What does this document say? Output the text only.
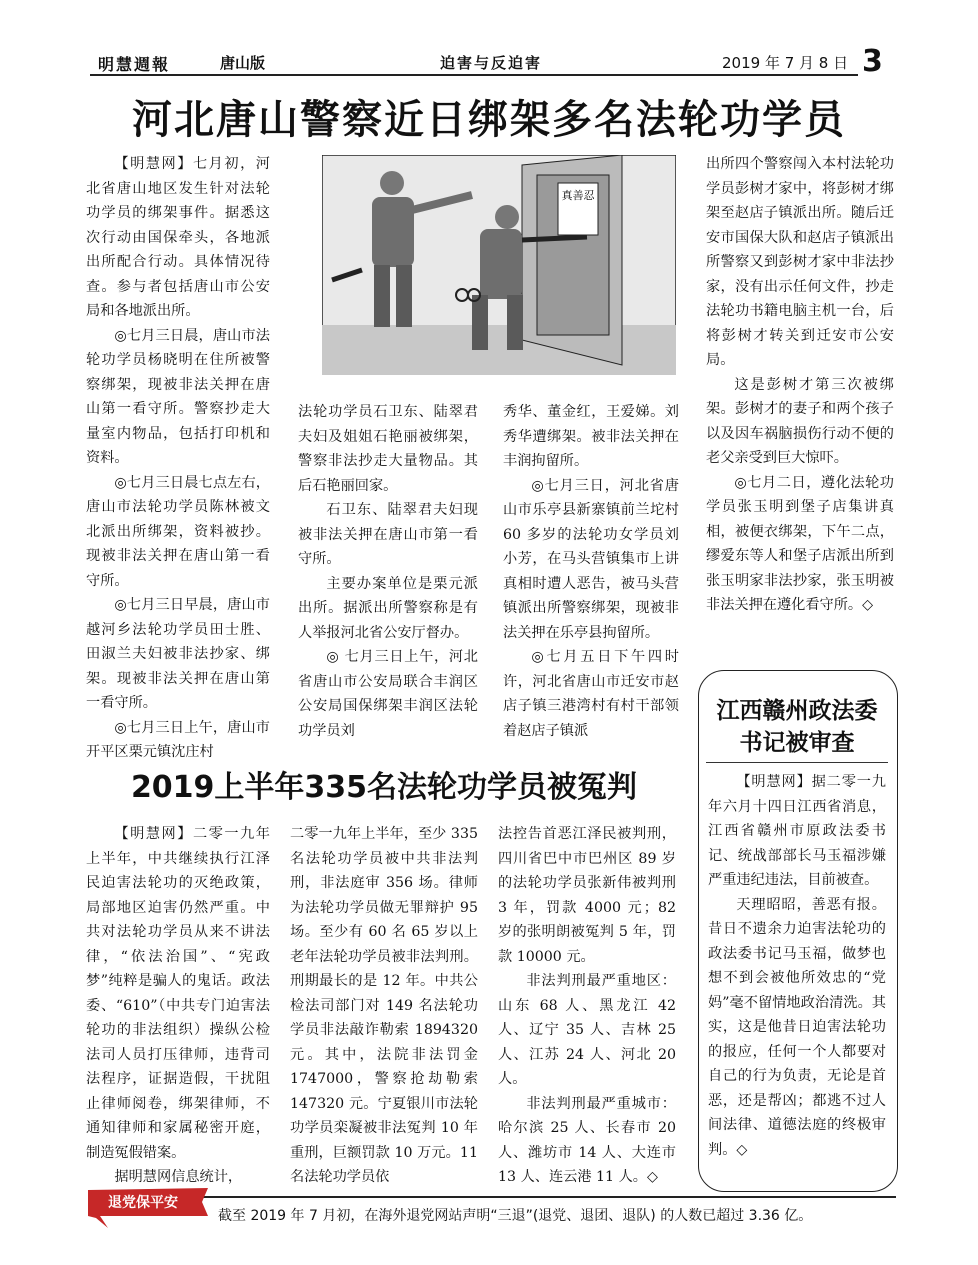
明慧週報	唐山版	迫害与反迫害	2019 年 7 月 8 日 3
河北唐山警察近日绑架多名法轮功学员
真善忍

【明慧网】七月初，河北省唐山地区发生针对法轮功学员的绑架事件。据悉这次行动由国保牵头，各地派出所配合行动。具体情况待查。参与者包括唐山市公安局和各地派出所。

◎七月三日晨，唐山市法轮功学员杨晓明在住所被警察绑架，现被非法关押在唐山第一看守所。警察抄走大量室内物品，包括打印机和资料。

◎七月三日晨七点左右，唐山市法轮功学员陈林被文北派出所绑架，资料被抄。现被非法关押在唐山第一看守所。

◎七月三日早晨，唐山市越河乡法轮功学员田士胜、田淑兰夫妇被非法抄家、绑架。现被非法关押在唐山第一看守所。

◎七月三日上午，唐山市开平区栗元镇沈庄村

法轮功学员石卫东、陆翠君夫妇及姐姐石艳丽被绑架，警察非法抄走大量物品。其后石艳丽回家。

石卫东、陆翠君夫妇现被非法关押在唐山市第一看守所。

主要办案单位是栗元派出所。据派出所警察称是有人举报河北省公安厅督办。

◎ 七月三日上午，河北省唐山市公安局联合丰润区公安局国保绑架丰润区法轮功学员刘

秀华、董金红，王爱娣。刘秀华遭绑架。被非法关押在丰润拘留所。

◎七月三日，河北省唐山市乐亭县新寨镇前兰坨村 60 多岁的法轮功女学员刘小芳，在马头营镇集市上讲真相时遭人恶告，被马头营镇派出所警察绑架，现被非法关押在乐亭县拘留所。

◎七月五日下午四时许，河北省唐山市迁安市赵店子镇三港湾村有村干部领着赵店子镇派

出所四个警察闯入本村法轮功学员彭树才家中，将彭树才绑架至赵店子镇派出所。随后迁安市国保大队和赵店子镇派出所警察又到彭树才家中非法抄家，没有出示任何文件，抄走法轮功书籍电脑主机一台，后将彭树才转关到迁安市公安局。

这是彭树才第三次被绑架。彭树才的妻子和两个孩子以及因车祸脑损伤行动不便的老父亲受到巨大惊吓。

◎七月二日，遵化法轮功学员张玉明到堡子店集讲真相，被便衣绑架，下午二点，缪爱东等人和堡子店派出所到张玉明家非法抄家，张玉明被非法关押在遵化看守所。◇

江西赣州政法委
书记被审查

【明慧网】据二零一九年六月十四日江西省消息，江西省赣州市原政法委书记、统战部部长马玉福涉嫌严重违纪违法，目前被查。

天理昭昭，善恶有报。昔日不遗余力迫害法轮功的政法委书记马玉福，做梦也想不到会被他所效忠的“党妈”毫不留情地政治清洗。其实，这是他昔日迫害法轮功的报应，任何一个人都要对自己的行为负责，无论是首恶，还是帮凶；都逃不过人间法律、道德法庭的终极审判。◇

2019上半年335名法轮功学员被冤判

【明慧网】二零一九年上半年，中共继续执行江泽民迫害法轮功的灭绝政策，局部地区迫害仍然严重。中共对法轮功学员从来不讲法律，“依法治国”、“宪政梦”纯粹是骗人的鬼话。政法委、“610”（中共专门迫害法轮功的非法组织）操纵公检法司人员打压律师，违背司法程序，证据造假，干扰阻止律师阅卷，绑架律师，不通知律师和家属秘密开庭，制造冤假错案。

据明慧网信息统计，

二零一九年上半年，至少 335 名法轮功学员被中共非法判刑，非法庭审 356 场。律师为法轮功学员做无罪辩护 95 场。至少有 60 名 65 岁以上老年法轮功学员被非法判刑。刑期最长的是 12 年。中共公检法司部门对 149 名法轮功学员非法敲诈勒索 1894320 元。其中，法院非法罚金 1747000，警察抢劫勒索 147320 元。宁夏银川市法轮功学员栾凝被非法冤判 10 年重刑，巨额罚款 10 万元。11 名法轮功学员依

法控告首恶江泽民被判刑，四川省巴中市巴州区 89 岁的法轮功学员张新伟被判刑 3 年，罚款 4000 元；82 岁的张明朗被冤判 5 年，罚款 10000 元。

非法判刑最严重地区：山东 68 人、黑龙江 42 人、辽宁 35 人、吉林 25 人、江苏 24 人、河北 20 人。

非法判刑最严重城市：哈尔滨 25 人、长春市 20 人、潍坊市 14 人、大连市 13 人、连云港 11 人。◇

退党保平安
截至 2019 年 7 月初，在海外退党网站声明“三退”(退党、退团、退队) 的人数已超过 3.36 亿。
